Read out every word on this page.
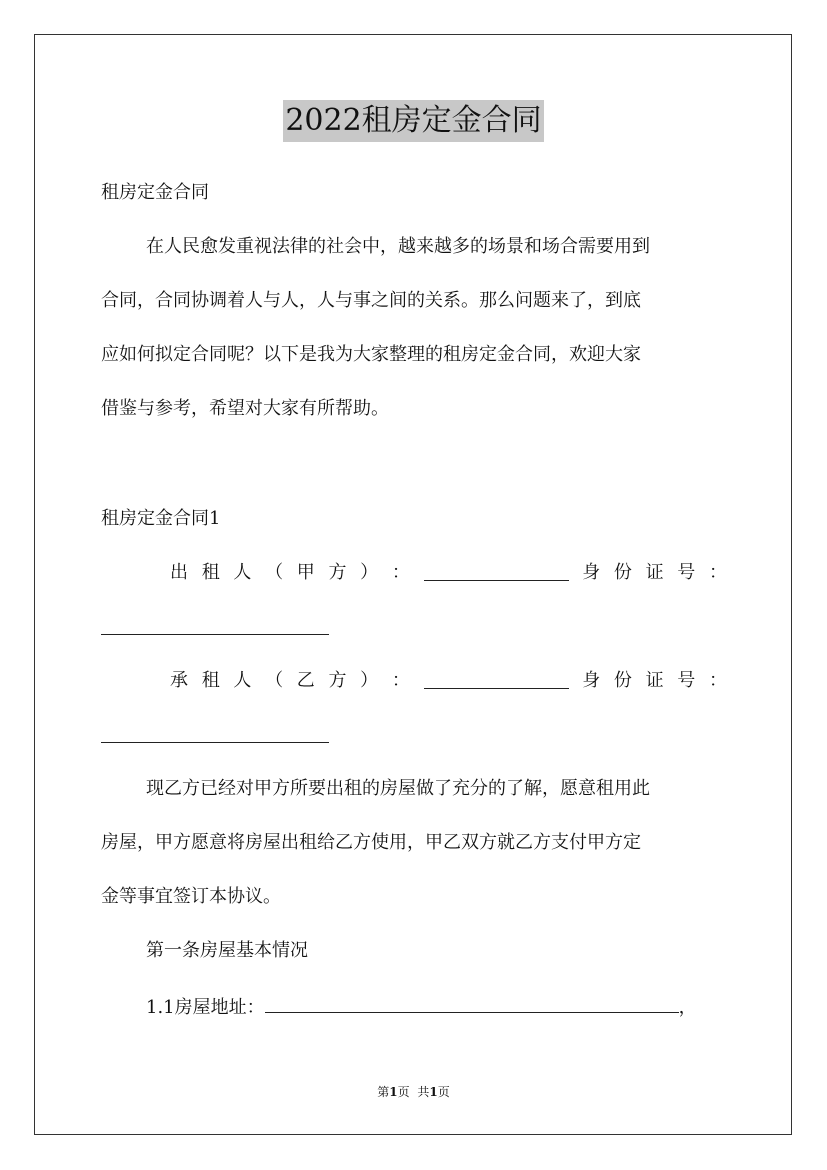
2022租房定金合同
租房定金合同
在人民愈发重视法律的社会中，越来越多的场景和场合需要用到
合同，合同协调着人与人，人与事之间的关系。那么问题来了，到底
应如何拟定合同呢？以下是我为大家整理的租房定金合同，欢迎大家
借鉴与参考，希望对大家有所帮助。
租房定金合同1
出 租 人 （ 甲 方 ） ：	身 份 证 号 ：
承 租 人 （ 乙 方 ） ：	身 份 证 号 ：
现乙方已经对甲方所要出租的房屋做了充分的了解，愿意租用此
房屋，甲方愿意将房屋出租给乙方使用，甲乙双方就乙方支付甲方定
金等事宜签订本协议。
第一条房屋基本情况
1.1房屋地址：	，
第1页 共1页
